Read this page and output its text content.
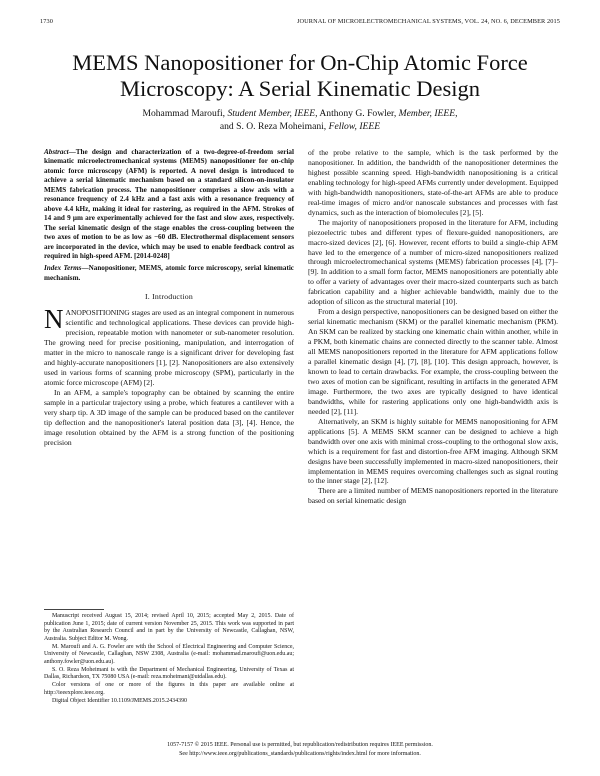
1730	JOURNAL OF MICROELECTROMECHANICAL SYSTEMS, VOL. 24, NO. 6, DECEMBER 2015
MEMS Nanopositioner for On-Chip Atomic Force Microscopy: A Serial Kinematic Design
Mohammad Maroufi, Student Member, IEEE, Anthony G. Fowler, Member, IEEE,
and S. O. Reza Moheimani, Fellow, IEEE
Abstract—The design and characterization of a two-degree-of-freedom serial kinematic microelectromechanical systems (MEMS) nanopositioner for on-chip atomic force microscopy (AFM) is reported. A novel design is introduced to achieve a serial kinematic mechanism based on a standard silicon-on-insulator MEMS fabrication process. The nanopositioner comprises a slow axis with a resonance frequency of 2.4 kHz and a fast axis with a resonance frequency of above 4.4 kHz, making it ideal for rastering, as required in the AFM. Strokes of 14 and 9 μm are experimentally achieved for the fast and slow axes, respectively. The serial kinematic design of the stage enables the cross-coupling between the two axes of motion to be as low as −60 dB. Electrothermal displacement sensors are incorporated in the device, which may be used to enable feedback control as required in high-speed AFM. [2014-0248]
Index Terms—Nanopositioner, MEMS, atomic force microscopy, serial kinematic mechanism.
I. Introduction

NANOPOSITIONING stages are used as an integral component in numerous scientific and technological applications. These devices can provide high-precision, repeatable motion with nanometer or sub-nanometer resolution. The growing need for precise positioning, manipulation, and interrogation of matter in the micro to nanoscale range is a significant driver for developing fast and highly-accurate nanopositioners [1], [2]. Nanopositioners are also extensively used in various forms of scanning probe microscopy (SPM), particularly in the atomic force microscope (AFM) [2].

In an AFM, a sample's topography can be obtained by scanning the entire sample in a particular trajectory using a probe, which features a cantilever with a very sharp tip. A 3D image of the sample can be produced based on the cantilever tip deflection and the nanopositioner's lateral position data [3], [4]. Hence, the image resolution obtained by the AFM is a strong function of the positioning precision

Manuscript received August 15, 2014; revised April 10, 2015; accepted May 2, 2015. Date of publication June 1, 2015; date of current version November 25, 2015. This work was supported in part by the Australian Research Council and in part by the University of Newcastle, Callaghan, NSW, Australia. Subject Editor M. Wong.

M. Maroufi and A. G. Fowler are with the School of Electrical Engineering and Computer Science, University of Newcastle, Callaghan, NSW 2308, Australia (e-mail: mohammad.maroufi@uon.edu.au; anthony.fowler@uon.edu.au).

S. O. Reza Moheimani is with the Department of Mechanical Engineering, University of Texas at Dallas, Richardson, TX 75080 USA (e-mail: reza.moheimani@utdallas.edu).

Color versions of one or more of the figures in this paper are available online at http://ieeexplore.ieee.org.

Digital Object Identifier 10.1109/JMEMS.2015.2434390

of the probe relative to the sample, which is the task performed by the nanopositioner. In addition, the bandwidth of the nanopositioner determines the highest possible scanning speed. High-bandwidth nanopositioning is a critical enabling technology for high-speed AFMs currently under development. Equipped with high-bandwidth nanopositioners, state-of-the-art AFMs are able to produce real-time images of micro and/or nanoscale substances and processes with fast dynamics, such as the interaction of biomolecules [2], [5].

The majority of nanopositioners proposed in the literature for AFM, including piezoelectric tubes and different types of flexure-guided nanopositioners, are macro-sized devices [2], [6]. However, recent efforts to build a single-chip AFM have led to the emergence of a number of micro-sized nanopositioners realized through microelectromechanical systems (MEMS) fabrication processes [4], [7]–[9]. In addition to a small form factor, MEMS nanopositioners are potentially able to offer a variety of advantages over their macro-sized counterparts such as batch fabrication capability and a higher achievable bandwidth, mainly due to the adoption of silicon as the structural material [10].

From a design perspective, nanopositioners can be designed based on either the serial kinematic mechanism (SKM) or the parallel kinematic mechanism (PKM). An SKM can be realized by stacking one kinematic chain within another, while in a PKM, both kinematic chains are connected directly to the scanner table. Almost all MEMS nanopositioners reported in the literature for AFM applications follow a parallel kinematic design [4], [7], [8], [10]. This design approach, however, is known to lead to certain drawbacks. For example, the cross-coupling between the two axes of motion can be significant, resulting in artifacts in the generated AFM image. Furthermore, the two axes are typically designed to have identical bandwidths, while for rastering applications only one high-bandwidth axis is needed [2], [11].

Alternatively, an SKM is highly suitable for MEMS nanopositioning for AFM applications [5]. A MEMS SKM scanner can be designed to achieve a high bandwidth over one axis with minimal cross-coupling to the orthogonal slow axis, which is a requirement for fast and distortion-free AFM imaging. Although SKM designs have been successfully implemented in macro-sized nanopositioners, their implementation in MEMS requires overcoming challenges such as signal routing to the inner stage [2], [12].

There are a limited number of MEMS nanopositioners reported in the literature based on serial kinematic design

1057-7157 © 2015 IEEE. Personal use is permitted, but republication/redistribution requires IEEE permission.
See http://www.ieee.org/publications_standards/publications/rights/index.html for more information.
